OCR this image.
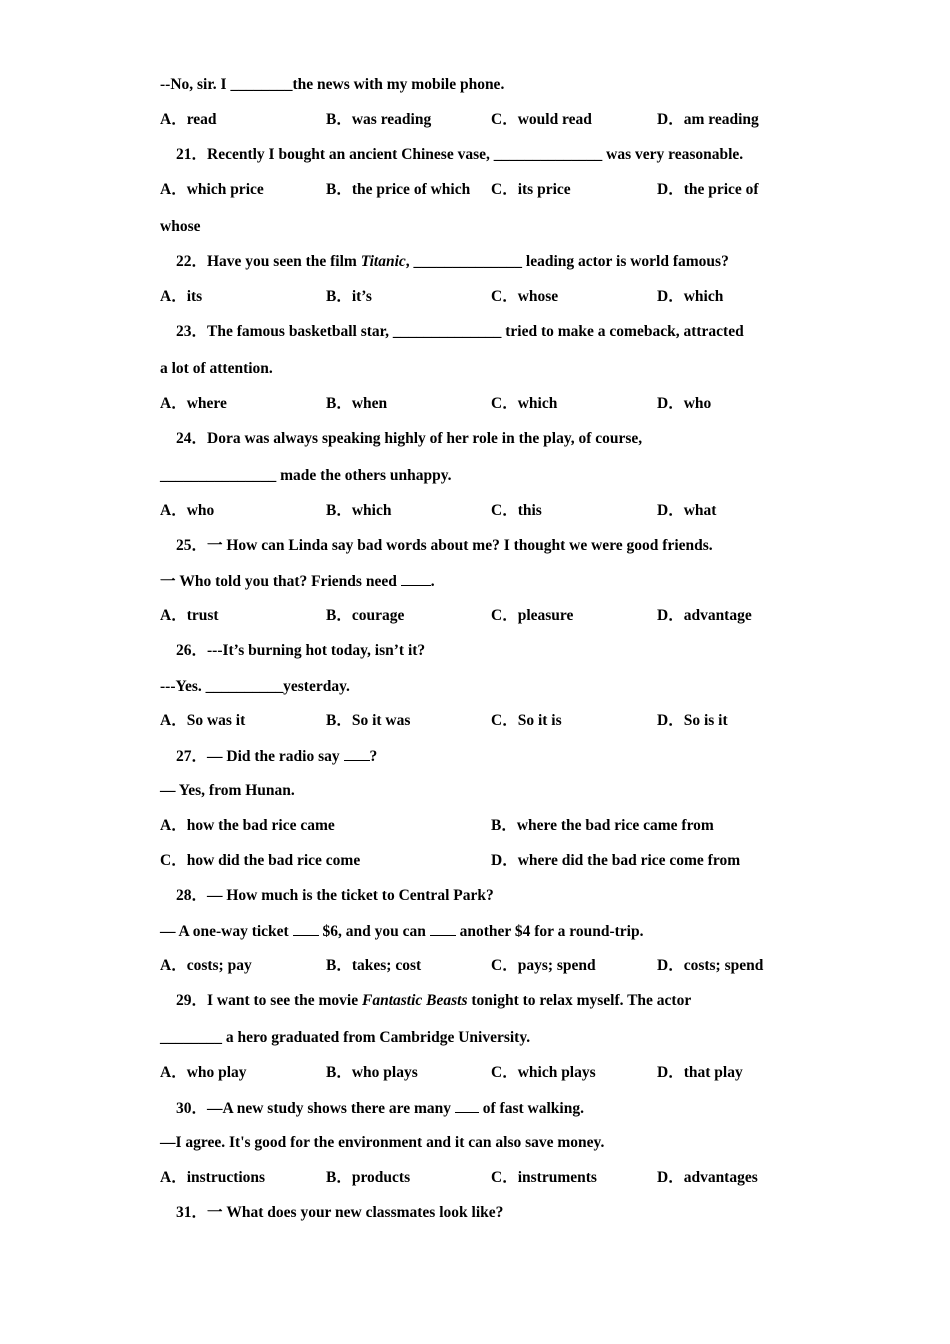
--No, sir. I ________the news with my mobile phone.
A．read	B．was reading	C．would read	D．am reading
21．Recently I bought an ancient Chinese vase, ______________ was very reasonable.
A．which price	B．the price of which C．its price	D．the price of
whose
22．Have you seen the film Titanic, ______________ leading actor is world famous?
A．its	B．it’s	C．whose	D．which
23．The famous basketball star, ______________ tried to make a comeback, attracted
a lot of attention.
A．where	B．when	C．which	D．who
24．Dora was always speaking highly of her role in the play, of course,
_______________ made the others unhappy.
A．who	B．which	C．this	D．what
25．一 How can Linda say bad words about me? I thought we were good friends.
一 Who told you that? Friends need .
A．trust	B．courage	C．pleasure	D．advantage
26．---It’s burning hot today, isn’t it?
---Yes. __________yesterday.
A．So was it	B．So it was	C．So it is	D．So is it
27．— Did the radio say ?
— Yes, from Hunan.
A．how the bad rice came	B．where the bad rice came from
C．how did the bad rice come	D．where did the bad rice come from
28．— How much is the ticket to Central Park?
— A one-way ticket  $6, and you can  another $4 for a round-trip.
A．costs; pay	B．takes; cost	C．pays; spend	D．costs; spend
29．I want to see the movie Fantastic Beasts tonight to relax myself. The actor
________ a hero graduated from Cambridge University.
A．who play	B．who plays	C．which plays	D．that play
30．—A new study shows there are many  of fast walking.
—I agree. It's good for the environment and it can also save money.
A．instructions	B．products	C．instruments	D．advantages
31．一 What does your new classmates look like?
